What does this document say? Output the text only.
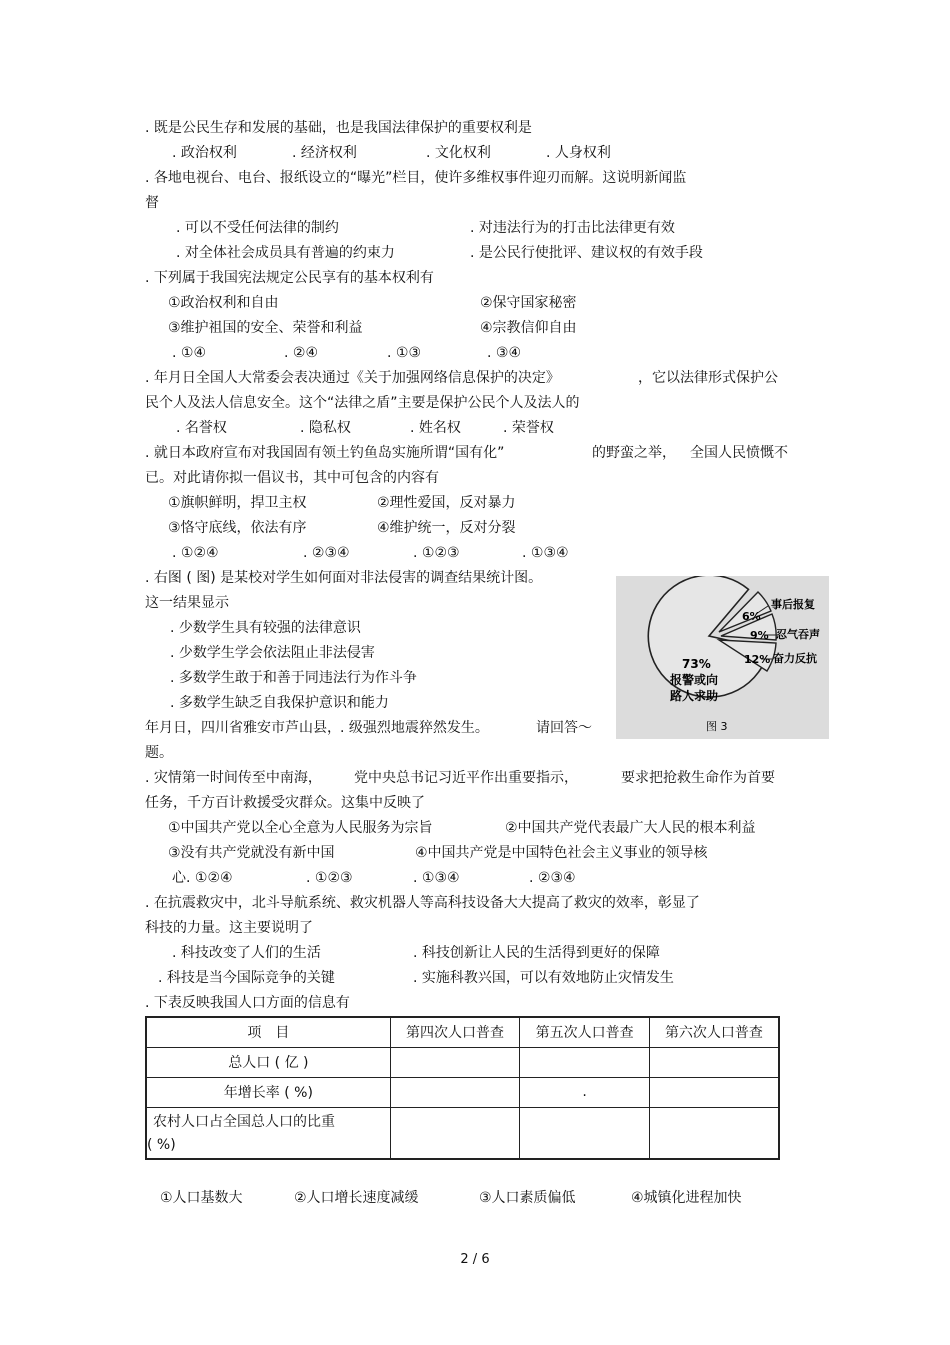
. 既是公民生存和发展的基础，也是我国法律保护的重要权利是
. 政治权利	. 经济权利	. 文化权利	. 人身权利
. 各地电视台、电台、报纸设立的“曝光”栏目，使许多维权事件迎刃而解。这说明新闻监
督
. 可以不受任何法律的制约	. 对违法行为的打击比法律更有效
. 对全体社会成员具有普遍的约束力	. 是公民行使批评、建议权的有效手段
. 下列属于我国宪法规定公民享有的基本权利有
①政治权利和自由	②保守国家秘密
③维护祖国的安全、荣誉和利益	④宗教信仰自由
. ①④	. ②④	. ①③	. ③④
. 年月日全国人大常委会表决通过《关于加强网络信息保护的决定》	，它以法律形式保护公
民个人及法人信息安全。这个“法律之盾”主要是保护公民个人及法人的
. 名誉权	. 隐私权	. 姓名权	. 荣誉权
. 就日本政府宣布对我国固有领土钓鱼岛实施所谓“国有化”	的野蛮之举， 全国人民愤慨不
已。对此请你拟一倡议书，其中可包含的内容有
①旗帜鲜明，捍卫主权	②理性爱国，反对暴力
③恪守底线，依法有序	④维护统一，反对分裂
. ①②④	. ②③④	. ①②③	. ①③④
. 右图 ( 图) 是某校对学生如何面对非法侵害的调查结果统计图。
这一结果显示
. 少数学生具有较强的法律意识
. 少数学生学会依法阻止非法侵害
. 多数学生敢于和善于同违法行为作斗争
. 多数学生缺乏自我保护意识和能力
6%
9%
12%
事后报复
忍气吞声
奋力反抗
73%
报警或向
路人求助
图 3
年月日，四川省雅安市芦山县， . 级强烈地震猝然发生。	请回答～
题。
. 灾情第一时间传至中南海， 党中央总书记习近平作出重要指示，	要求把抢救生命作为首要
任务，千方百计救援受灾群众。这集中反映了
①中国共产党以全心全意为人民服务为宗旨	②中国共产党代表最广大人民的根本利益
③没有共产党就没有新中国	④中国共产党是中国特色社会主义事业的领导核
心 . ①②④	. ①②③	. ①③④	. ②③④
. 在抗震救灾中，北斗导航系统、救灾机器人等高科技设备大大提高了救灾的效率，彰显了
科技的力量。这主要说明了
. 科技改变了人们的生活	. 科技创新让人民的生活得到更好的保障
. 科技是当今国际竞争的关键	. 实施科教兴国，可以有效地防止灾情发生
. 下表反映我国人口方面的信息有
项　目	第四次人口普查	第五次人口普查	第六次人口普查
总人口 ( 亿 )			
年增长率 ( %)		.	

农村人口占全国总人口的比重
( %)			

①人口基数大	②人口增长速度减缓	③人口素质偏低	④城镇化进程加快
2 / 6
